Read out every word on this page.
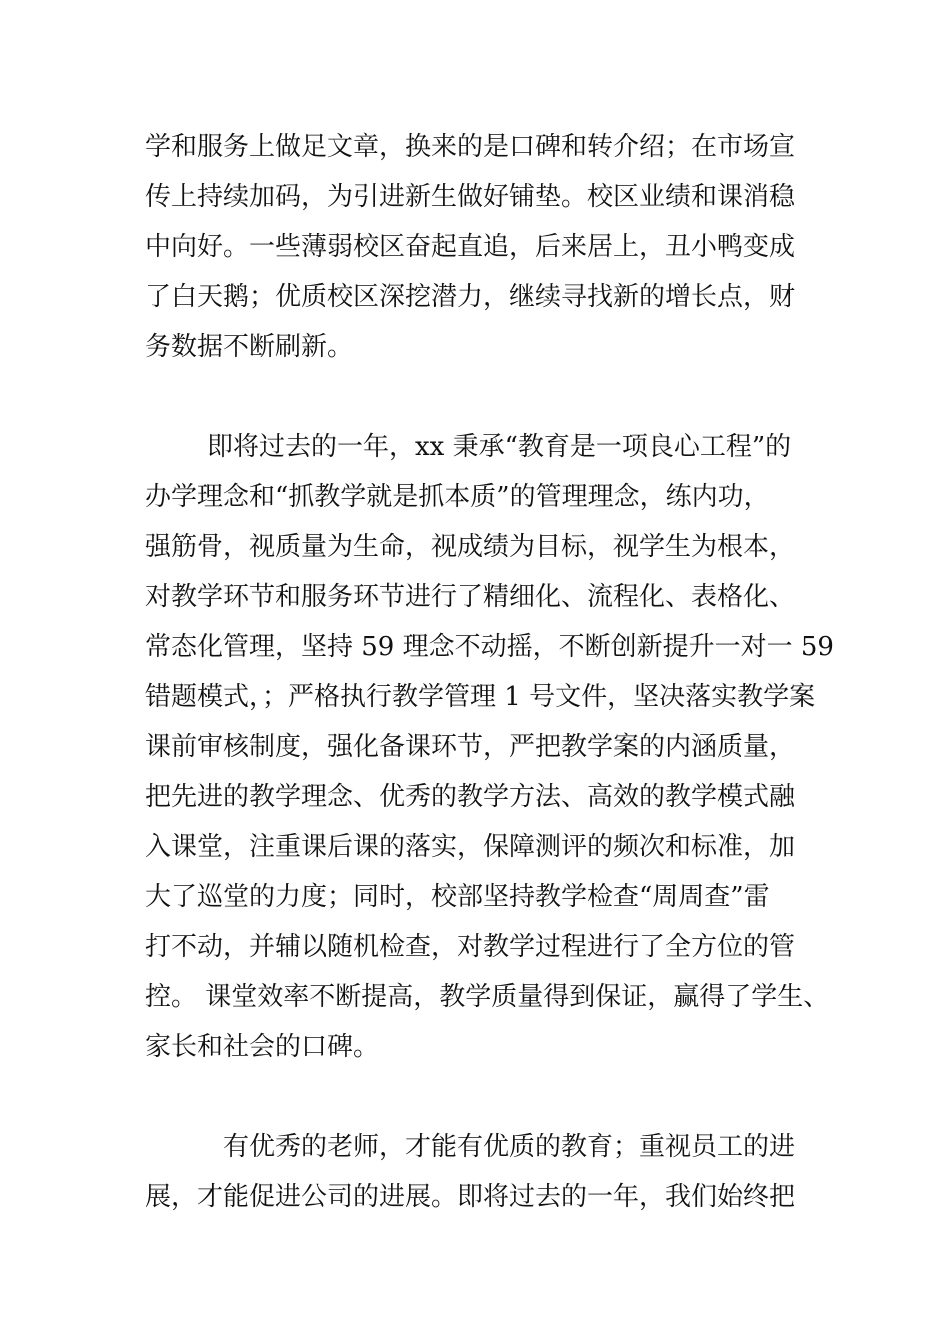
学和服务上做足文章，换来的是口碑和转介绍；在市场宣
传上持续加码，为引进新生做好铺垫。校区业绩和课消稳
中向好。一些薄弱校区奋起直追，后来居上，丑小鸭变成
了白天鹅；优质校区深挖潜力，继续寻找新的增长点，财
务数据不断刷新。
即将过去的一年，xx 秉承“教育是一项良心工程”的
办学理念和“抓教学就是抓本质”的管理理念，练内功，
强筋骨，视质量为生命，视成绩为目标，视学生为根本，
对教学环节和服务环节进行了精细化、流程化、表格化、
常态化管理，坚持 59 理念不动摇，不断创新提升一对一 59
错题模式，；严格执行教学管理 1 号文件，坚决落实教学案
课前审核制度，强化备课环节，严把教学案的内涵质量，
把先进的教学理念、优秀的教学方法、高效的教学模式融
入课堂，注重课后课的落实，保障测评的频次和标准，加
大了巡堂的力度；同时，校部坚持教学检查“周周查”雷
打不动，并辅以随机检查，对教学过程进行了全方位的管
控。 课堂效率不断提高，教学质量得到保证，赢得了学生、
家长和社会的口碑。
有优秀的老师，才能有优质的教育；重视员工的进
展，才能促进公司的进展。即将过去的一年，我们始终把
